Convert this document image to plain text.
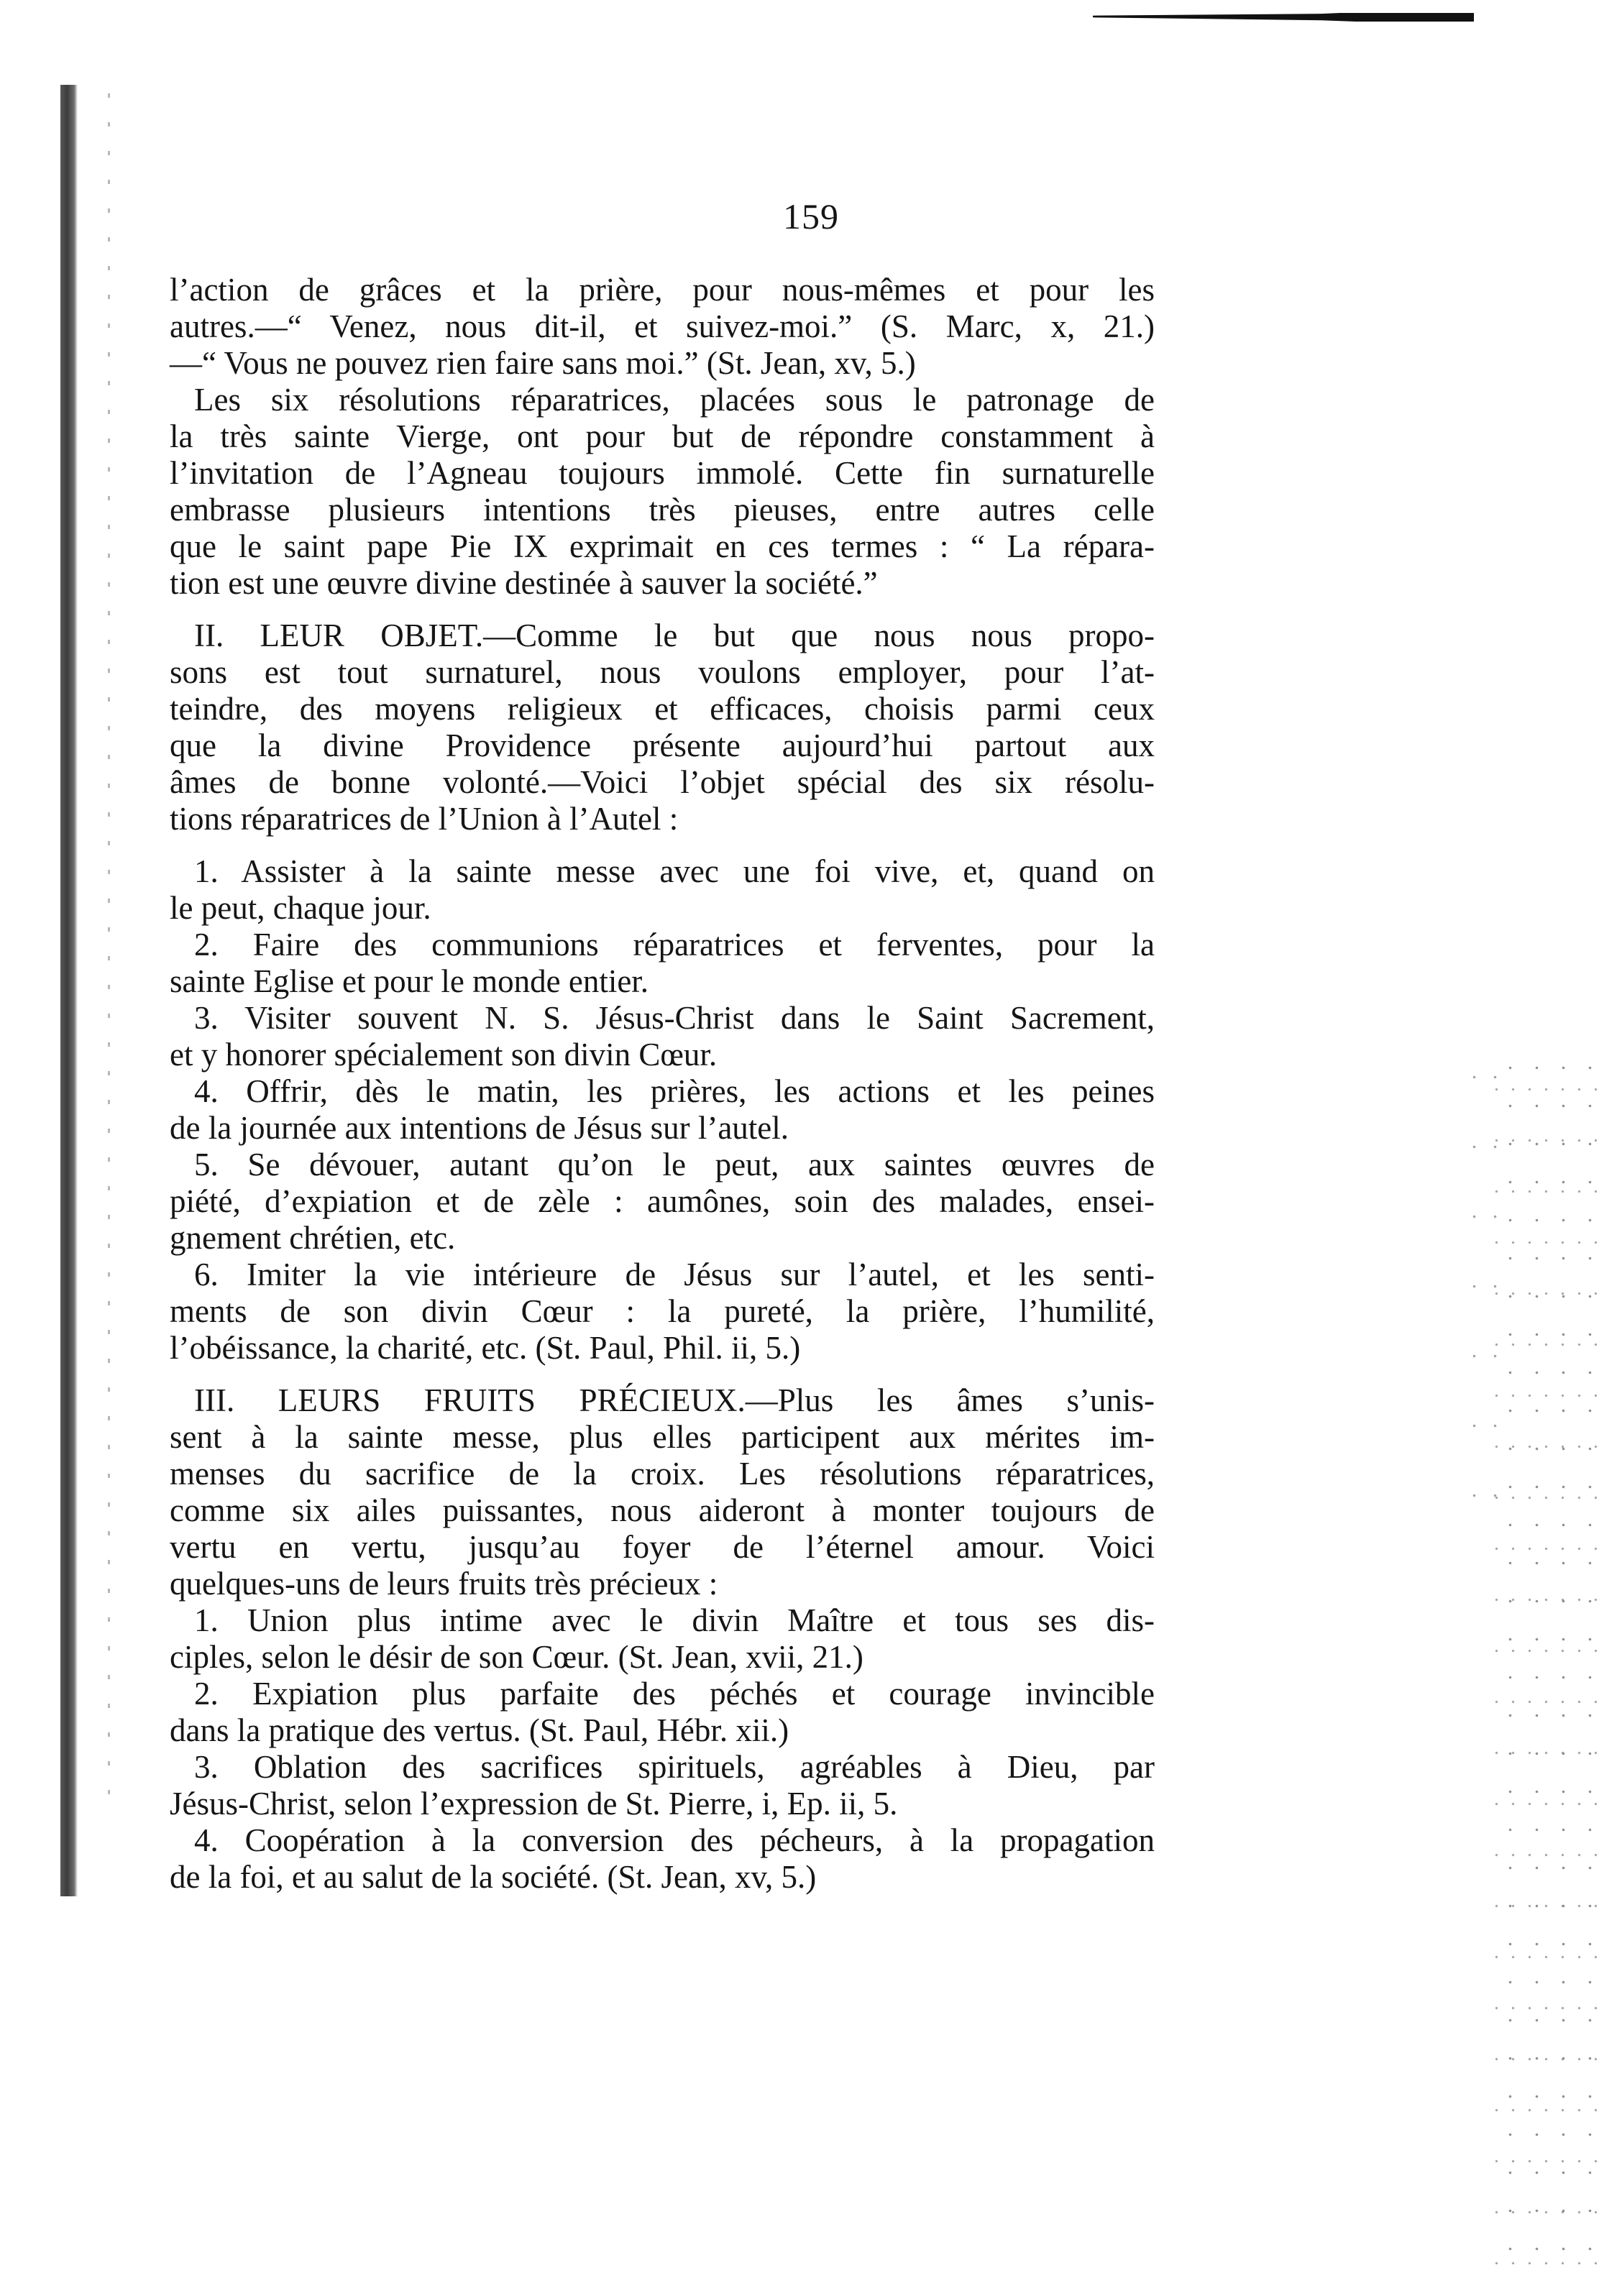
159
l’action de grâces et la prière, pour nous-mêmes et pour les
autres.—“ Venez, nous dit-il, et suivez-moi.” (S. Marc, x, 21.)
—“ Vous ne pouvez rien faire sans moi.” (St. Jean, xv, 5.)
Les six résolutions réparatrices, placées sous le patronage de
la très sainte Vierge, ont pour but de répondre constamment à
l’invitation de l’Agneau toujours immolé. Cette fin surnaturelle
embrasse plusieurs intentions très pieuses, entre autres celle
que le saint pape Pie IX exprimait en ces termes : “ La répara-
tion est une œuvre divine destinée à sauver la société.”
II. LEUR OBJET.—Comme le but que nous nous propo-
sons est tout surnaturel, nous voulons employer, pour l’at-
teindre, des moyens religieux et efficaces, choisis parmi ceux
que la divine Providence présente aujourd’hui partout aux
âmes de bonne volonté.—Voici l’objet spécial des six résolu-
tions réparatrices de l’Union à l’Autel :
1. Assister à la sainte messe avec une foi vive, et, quand on
le peut, chaque jour.
2. Faire des communions réparatrices et ferventes, pour la
sainte Eglise et pour le monde entier.
3. Visiter souvent N. S. Jésus-Christ dans le Saint Sacrement,
et y honorer spécialement son divin Cœur.
4. Offrir, dès le matin, les prières, les actions et les peines
de la journée aux intentions de Jésus sur l’autel.
5. Se dévouer, autant qu’on le peut, aux saintes œuvres de
piété, d’expiation et de zèle : aumônes, soin des malades, ensei-
gnement chrétien, etc.
6. Imiter la vie intérieure de Jésus sur l’autel, et les senti-
ments de son divin Cœur : la pureté, la prière, l’humilité,
l’obéissance, la charité, etc. (St. Paul, Phil. ii, 5.)
III. LEURS FRUITS PRÉCIEUX.—Plus les âmes s’unis-
sent à la sainte messe, plus elles participent aux mérites im-
menses du sacrifice de la croix. Les résolutions réparatrices,
comme six ailes puissantes, nous aideront à monter toujours de
vertu en vertu, jusqu’au foyer de l’éternel amour. Voici
quelques-uns de leurs fruits très précieux :
1. Union plus intime avec le divin Maître et tous ses dis-
ciples, selon le désir de son Cœur. (St. Jean, xvii, 21.)
2. Expiation plus parfaite des péchés et courage invincible
dans la pratique des vertus. (St. Paul, Hébr. xii.)
3. Oblation des sacrifices spirituels, agréables à Dieu, par
Jésus-Christ, selon l’expression de St. Pierre, i, Ep. ii, 5.
4. Coopération à la conversion des pécheurs, à la propagation
de la foi, et au salut de la société. (St. Jean, xv, 5.)
